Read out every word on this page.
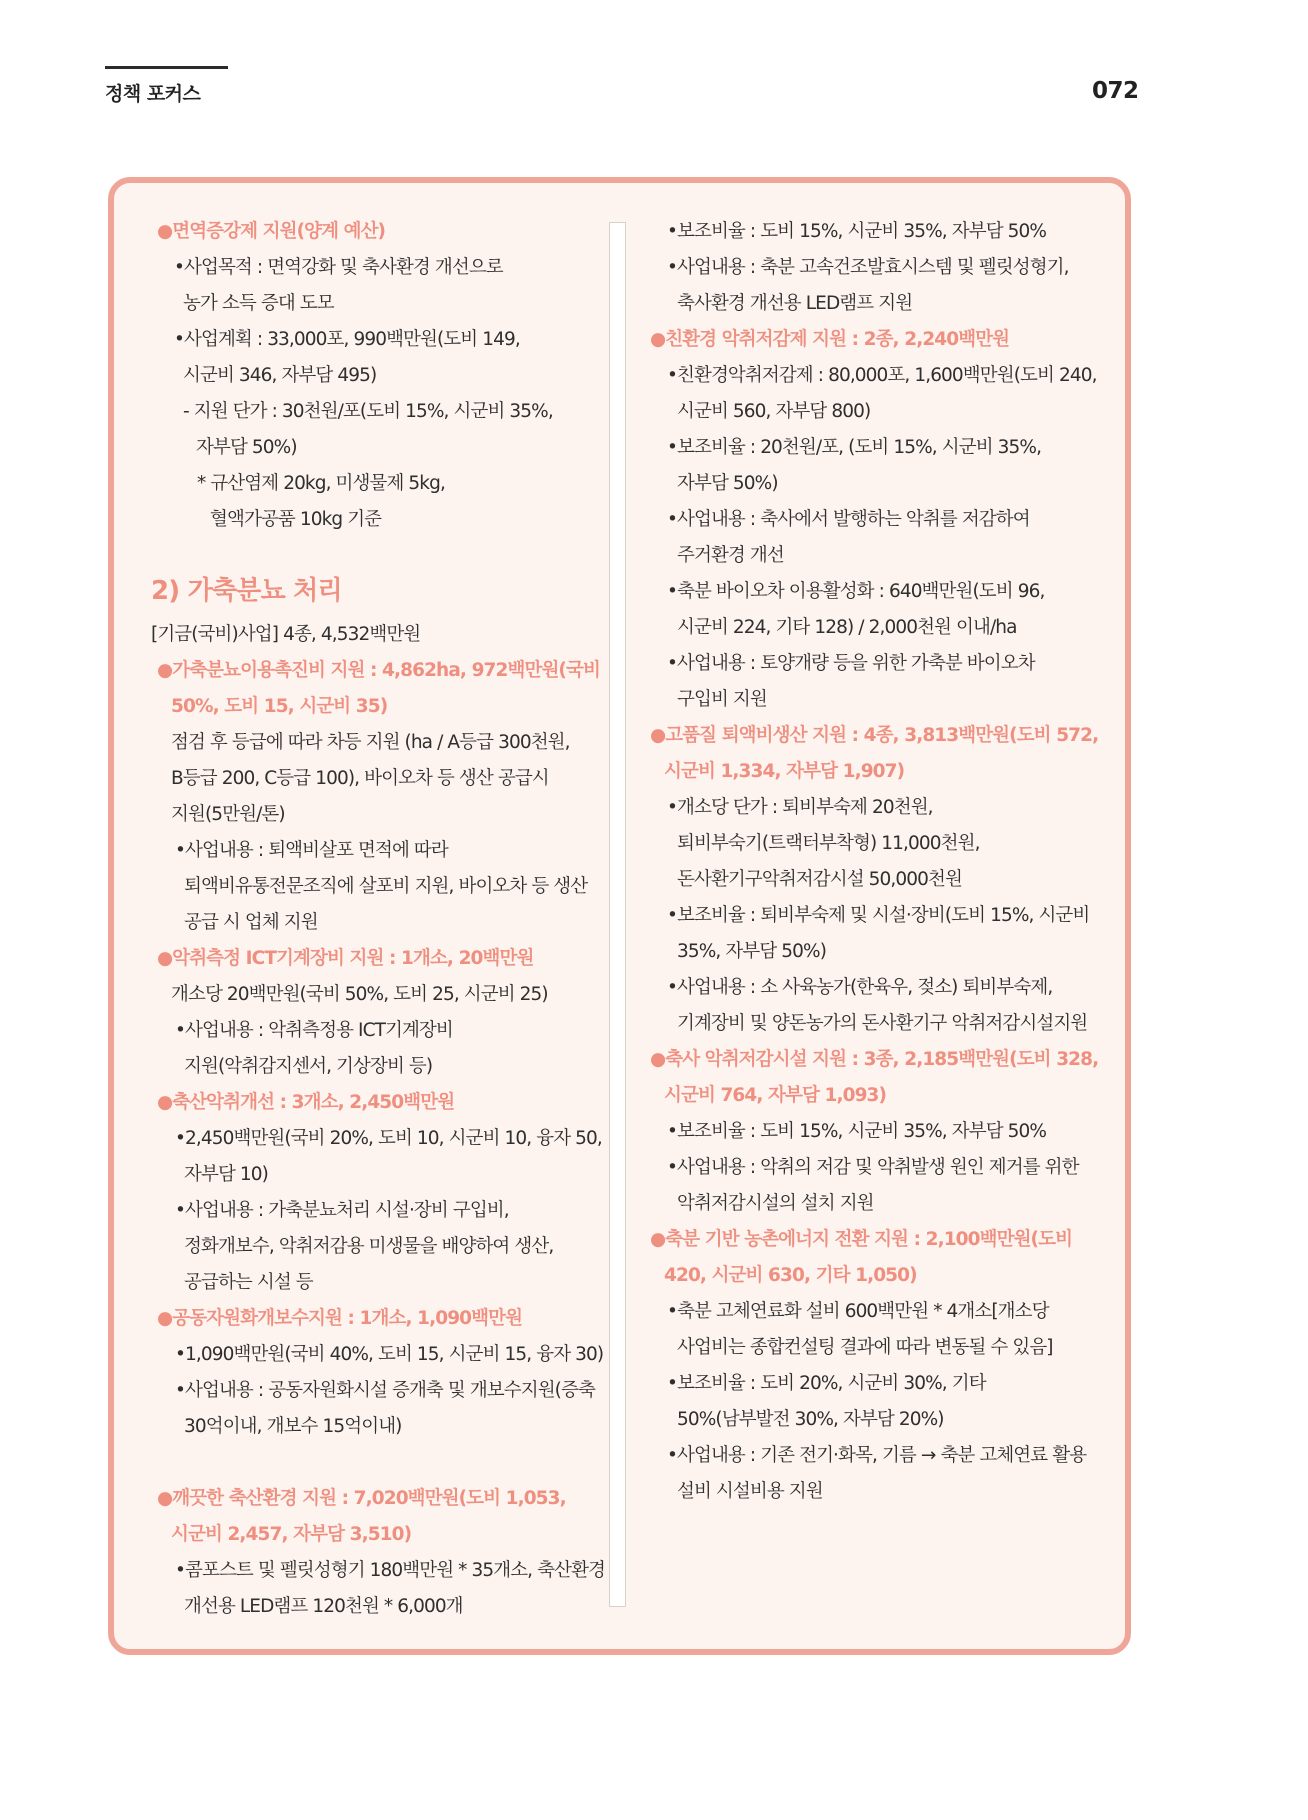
정책 포커스	072
●면역증강제 지원(양계 예산)
•사업목적 : 면역강화 및 축사환경 개선으로
농가 소득 증대 도모
•사업계획 : 33,000포, 990백만원(도비 149,
시군비 346, 자부담 495)
- 지원 단가 : 30천원/포(도비 15%, 시군비 35%,
자부담 50%)
* 규산염제 20kg, 미생물제 5kg,
혈액가공품 10kg 기준
2) 가축분뇨 처리
[기금(국비)사업] 4종, 4,532백만원
●가축분뇨이용촉진비 지원 : 4,862ha, 972백만원(국비
50%, 도비 15, 시군비 35)
점검 후 등급에 따라 차등 지원 (ha / A등급 300천원,
B등급 200, C등급 100), 바이오차 등 생산 공급시
지원(5만원/톤)
•사업내용 : 퇴액비살포 면적에 따라
퇴액비유통전문조직에 살포비 지원, 바이오차 등 생산
공급 시 업체 지원
●악취측정 ICT기계장비 지원 : 1개소, 20백만원
개소당 20백만원(국비 50%, 도비 25, 시군비 25)
•사업내용 : 악취측정용 ICT기계장비
지원(악취감지센서, 기상장비 등)
●축산악취개선 : 3개소, 2,450백만원
•2,450백만원(국비 20%, 도비 10, 시군비 10, 융자 50,
자부담 10)
•사업내용 : 가축분뇨처리 시설·장비 구입비,
정화개보수, 악취저감용 미생물을 배양하여 생산,
공급하는 시설 등
●공동자원화개보수지원 : 1개소, 1,090백만원
•1,090백만원(국비 40%, 도비 15, 시군비 15, 융자 30)
•사업내용 : 공동자원화시설 증개축 및 개보수지원(증축
30억이내, 개보수 15억이내)
●깨끗한 축산환경 지원 : 7,020백만원(도비 1,053,
시군비 2,457, 자부담 3,510)
•콤포스트 및 펠릿성형기 180백만원 * 35개소, 축산환경
개선용 LED램프 120천원 * 6,000개
•보조비율 : 도비 15%, 시군비 35%, 자부담 50%
•사업내용 : 축분 고속건조발효시스템 및 펠릿성형기,
축사환경 개선용 LED램프 지원
●친환경 악취저감제 지원 : 2종, 2,240백만원
•친환경악취저감제 : 80,000포, 1,600백만원(도비 240,
시군비 560, 자부담 800)
•보조비율 : 20천원/포, (도비 15%, 시군비 35%,
자부담 50%)
•사업내용 : 축사에서 발행하는 악취를 저감하여
주거환경 개선
•축분 바이오차 이용활성화 : 640백만원(도비 96,
시군비 224, 기타 128) / 2,000천원 이내/ha
•사업내용 : 토양개량 등을 위한 가축분 바이오차
구입비 지원
●고품질 퇴액비생산 지원 : 4종, 3,813백만원(도비 572,
시군비 1,334, 자부담 1,907)
•개소당 단가 : 퇴비부숙제 20천원,
퇴비부숙기(트랙터부착형) 11,000천원,
돈사환기구악취저감시설 50,000천원
•보조비율 : 퇴비부숙제 및 시설·장비(도비 15%, 시군비
35%, 자부담 50%)
•사업내용 : 소 사육농가(한육우, 젖소) 퇴비부숙제,
기계장비 및 양돈농가의 돈사환기구 악취저감시설지원
●축사 악취저감시설 지원 : 3종, 2,185백만원(도비 328,
시군비 764, 자부담 1,093)
•보조비율 : 도비 15%, 시군비 35%, 자부담 50%
•사업내용 : 악취의 저감 및 악취발생 원인 제거를 위한
악취저감시설의 설치 지원
●축분 기반 농촌에너지 전환 지원 : 2,100백만원(도비
420, 시군비 630, 기타 1,050)
•축분 고체연료화 설비 600백만원 * 4개소[개소당
사업비는 종합컨설팅 결과에 따라 변동될 수 있음]
•보조비율 : 도비 20%, 시군비 30%, 기타
50%(남부발전 30%, 자부담 20%)
•사업내용 : 기존 전기·화목, 기름 → 축분 고체연료 활용
설비 시설비용 지원
